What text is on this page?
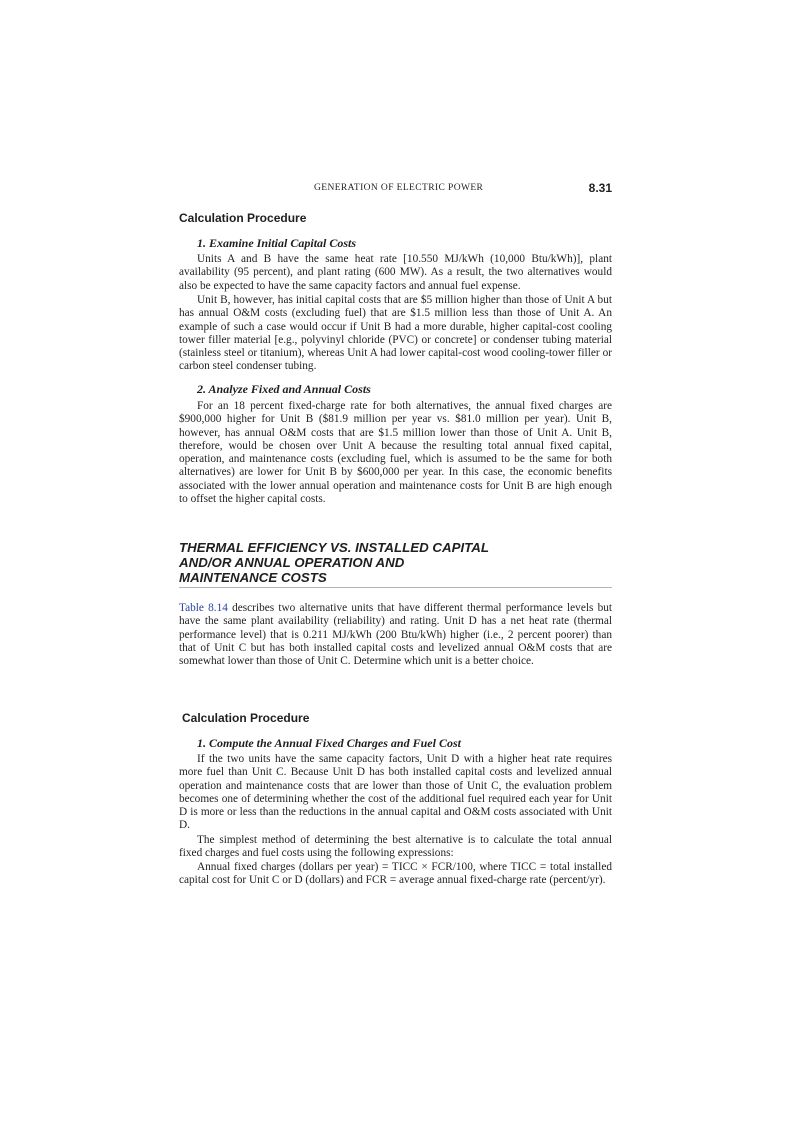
GENERATION OF ELECTRIC POWER	8.31
Calculation Procedure
1. Examine Initial Capital Costs

Units A and B have the same heat rate [10.550 MJ/kWh (10,000 Btu/kWh)], plant availability (95 percent), and plant rating (600 MW). As a result, the two alternatives would also be expected to have the same capacity factors and annual fuel expense.

Unit B, however, has initial capital costs that are $5 million higher than those of Unit A but has annual O&M costs (excluding fuel) that are $1.5 million less than those of Unit A. An example of such a case would occur if Unit B had a more durable, higher capital-cost cooling tower filler material [e.g., polyvinyl chloride (PVC) or concrete] or condenser tubing material (stainless steel or titanium), whereas Unit A had lower capital-cost wood cooling-tower filler or carbon steel condenser tubing.

2. Analyze Fixed and Annual Costs

For an 18 percent fixed-charge rate for both alternatives, the annual fixed charges are $900,000 higher for Unit B ($81.9 million per year vs. $81.0 million per year). Unit B, however, has annual O&M costs that are $1.5 million lower than those of Unit A. Unit B, therefore, would be chosen over Unit A because the resulting total annual fixed capital, operation, and maintenance costs (excluding fuel, which is assumed to be the same for both alternatives) are lower for Unit B by $600,000 per year. In this case, the economic benefits associated with the lower annual operation and maintenance costs for Unit B are high enough to offset the higher capital costs.

THERMAL EFFICIENCY VS. INSTALLED CAPITAL
AND/OR ANNUAL OPERATION AND
MAINTENANCE COSTS

Table 8.14 describes two alternative units that have different thermal performance levels but have the same plant availability (reliability) and rating. Unit D has a net heat rate (thermal performance level) that is 0.211 MJ/kWh (200 Btu/kWh) higher (i.e., 2 percent poorer) than that of Unit C but has both installed capital costs and levelized annual O&M costs that are somewhat lower than those of Unit C. Determine which unit is a better choice.

Calculation Procedure
1. Compute the Annual Fixed Charges and Fuel Cost

If the two units have the same capacity factors, Unit D with a higher heat rate requires more fuel than Unit C. Because Unit D has both installed capital costs and levelized annual operation and maintenance costs that are lower than those of Unit C, the evaluation problem becomes one of determining whether the cost of the additional fuel required each year for Unit D is more or less than the reductions in the annual capital and O&M costs associated with Unit D.

The simplest method of determining the best alternative is to calculate the total annual fixed charges and fuel costs using the following expressions:

Annual fixed charges (dollars per year) = TICC × FCR/100, where TICC = total installed capital cost for Unit C or D (dollars) and FCR = average annual fixed-charge rate (percent/yr).
